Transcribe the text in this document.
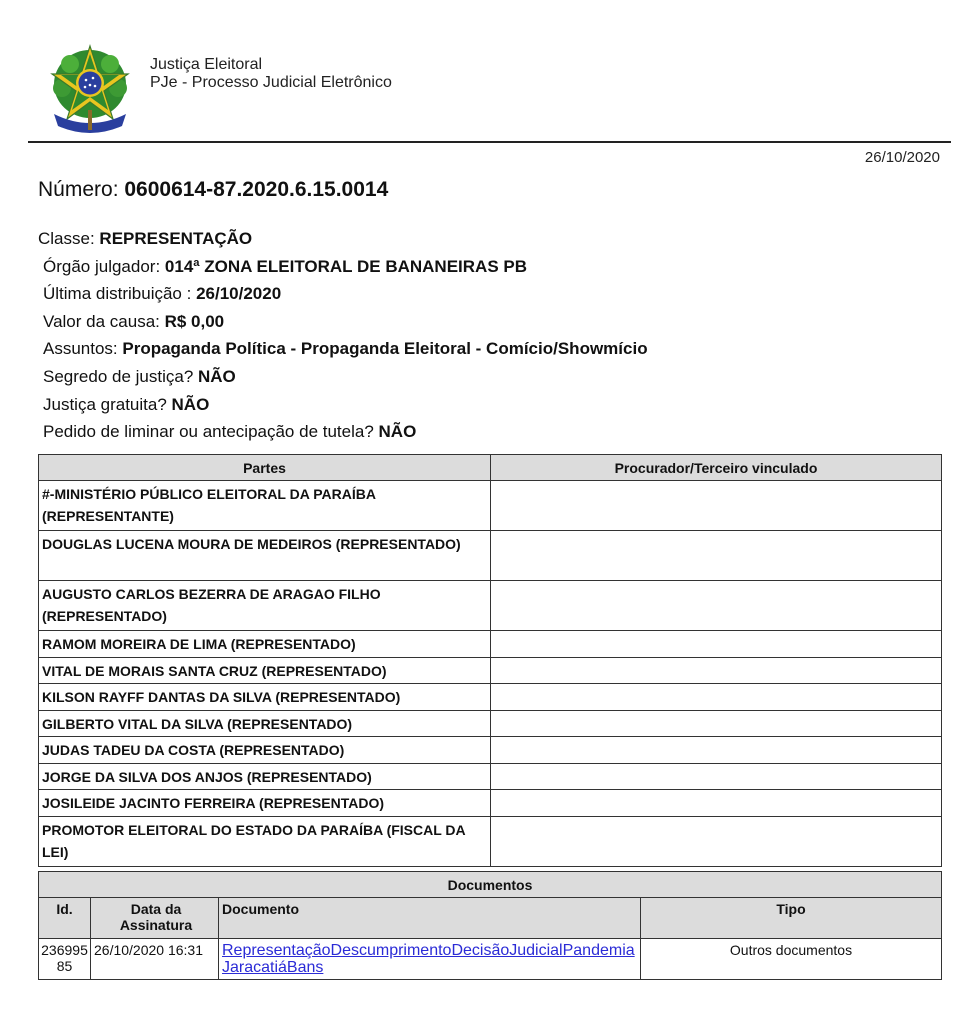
Justiça Eleitoral
PJe - Processo Judicial Eletrônico
26/10/2020
Número: 0600614-87.2020.6.15.0014
Classe: REPRESENTAÇÃO
Órgão julgador: 014ª ZONA ELEITORAL DE BANANEIRAS PB
Última distribuição : 26/10/2020
Valor da causa: R$ 0,00
Assuntos: Propaganda Política - Propaganda Eleitoral - Comício/Showmício
Segredo de justiça? NÃO
Justiça gratuita? NÃO
Pedido de liminar ou antecipação de tutela? NÃO
Partes	Procurador/Terceiro vinculado
#-MINISTÉRIO PÚBLICO ELEITORAL DA PARAÍBA (REPRESENTANTE)	
DOUGLAS LUCENA MOURA DE MEDEIROS (REPRESENTADO)	
AUGUSTO CARLOS BEZERRA DE ARAGAO FILHO (REPRESENTADO)	
RAMOM MOREIRA DE LIMA (REPRESENTADO)	
VITAL DE MORAIS SANTA CRUZ (REPRESENTADO)	
KILSON RAYFF DANTAS DA SILVA (REPRESENTADO)	
GILBERTO VITAL DA SILVA (REPRESENTADO)	
JUDAS TADEU DA COSTA (REPRESENTADO)	
JORGE DA SILVA DOS ANJOS (REPRESENTADO)	
JOSILEIDE JACINTO FERREIRA (REPRESENTADO)	
PROMOTOR ELEITORAL DO ESTADO DA PARAÍBA (FISCAL DA LEI)	
Documentos			
Id.	Data da Assinatura	Documento	Tipo
23699585	26/10/2020 16:31	RepresentaçãoDescumprimentoDecisãoJudicialPandemiaJaracatiáBans	Outros documentos
